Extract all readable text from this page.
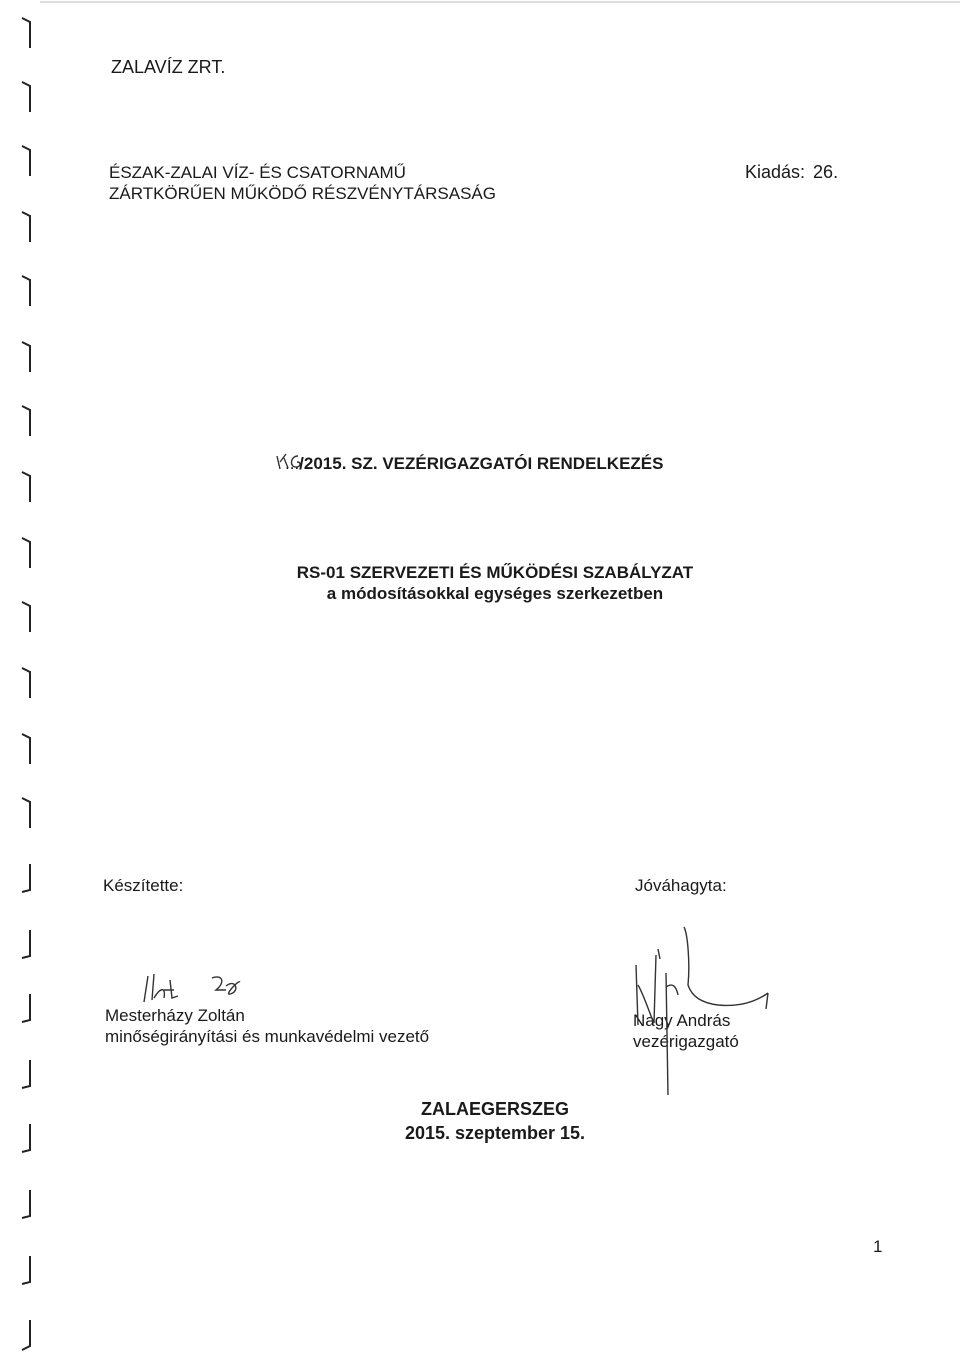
ZALAVÍZ ZRT.
ÉSZAK-ZALAI VÍZ- ÉS CSATORNAMŰ
ZÁRTKÖRŰEN MŰKÖDŐ RÉSZVÉNYTÁRSASÁG
Kiadás: 26.
.../2015. SZ. VEZÉRIGAZGATÓI RENDELKEZÉS
RS-01 SZERVEZETI ÉS MŰKÖDÉSI SZABÁLYZAT
a módosításokkal egységes szerkezetben
Készítette:	Jóváhagyta:
Mesterházy Zoltán
minőségirányítási és munkavédelmi vezető
Nagy András
vezérigazgató
ZALAEGERSZEG
2015. szeptember 15.
1
